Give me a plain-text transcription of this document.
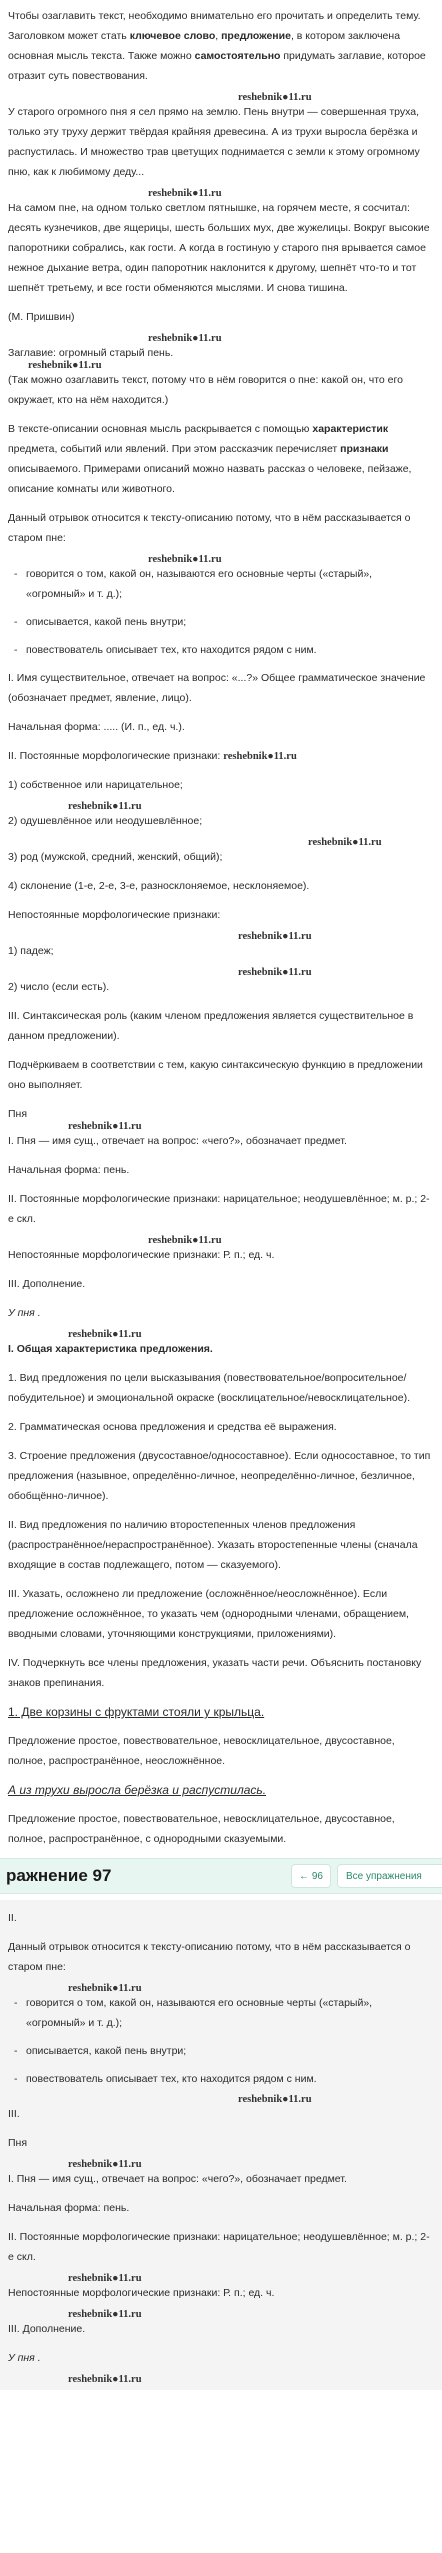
Чтобы озаглавить текст, необходимо внимательно его прочитать и определить тему. Заголовком может стать ключевое слово, предложение, в котором заключена основная мысль текста. Также можно самостоятельно придумать заглавие, которое отразит суть повествования.

reshebnik●11.ru

У старого огромного пня я сел прямо на землю. Пень внутри — совершенная труха, только эту труху держит твёрдая крайняя древесина. А из трухи выросла берёзка и распустилась. И множество трав цветущих поднимается с земли к этому огромному пню, как к любимому деду...

reshebnik●11.ru

На самом пне, на одном только светлом пятнышке, на горячем месте, я сосчитал: десять кузнечиков, две ящерицы, шесть больших мух, две жужелицы. Вокруг высокие папоротники собрались, как гости. А когда в гостиную у старого пня врывается самое нежное дыхание ветра, один папоротник наклонится к другому, шепнёт что-то и тот шепнёт третьему, и все гости обменяются мыслями. И снова тишина.

(М. Пришвин)

reshebnik●11.ru

Заглавие: огромный старый пень.

reshebnik●11.ru

(Так можно озаглавить текст, потому что в нём говорится о пне: какой он, что его окружает, кто на нём находится.)

В тексте-описании основная мысль раскрывается с помощью характеристик предмета, событий или явлений. При этом рассказчик перечисляет признаки описываемого. Примерами описаний можно назвать рассказ о человеке, пейзаже, описание комнаты или животного.

Данный отрывок относится к тексту-описанию потому, что в нём рассказывается о старом пне:

reshebnik●11.ru
- говорится о том, какой он, называются его основные черты («старый», «огромный» и т. д.);
- описывается, какой пень внутри;
- повествователь описывает тех, кто находится рядом с ним.

I. Имя существительное, отвечает на вопрос: «...?» Общее грамматическое значение (обозначает предмет, явление, лицо).

Начальная форма: ..... (И. п., ед. ч.).

II. Постоянные морфологические признаки: reshebnik●11.ru

1) собственное или нарицательное;

reshebnik●11.ru

2) одушевлённое или неодушевлённое;

reshebnik●11.ru

3) род (мужской, средний, женский, общий);

4) склонение (1-е, 2-е, 3-е, разносклоняемое, несклоняемое).

Непостоянные морфологические признаки:

reshebnik●11.ru

1) падеж;

reshebnik●11.ru

2) число (если есть).

III. Синтаксическая роль (каким членом предложения является существительное в данном предложении).

Подчёркиваем в соответствии с тем, какую синтаксическую функцию в предложении оно выполняет.

Пня

reshebnik●11.ru

I. Пня — имя сущ., отвечает на вопрос: «чего?», обозначает предмет.

Начальная форма: пень.

II. Постоянные морфологические признаки: нарицательное; неодушевлённое; м. р.; 2-е скл.

reshebnik●11.ru

Непостоянные морфологические признаки: Р. п.; ед. ч.

III. Дополнение.

У пня .

reshebnik●11.ru

I. Общая характеристика предложения.

1. Вид предложения по цели высказывания (повествовательное/вопросительное/побудительное) и эмоциональной окраске (восклицательное/невосклицательное).

2. Грамматическая основа предложения и средства её выражения.

3. Строение предложения (двусоставное/односоставное). Если односоставное, то тип предложения (назывное, определённо-личное, неопределённо-личное, безличное, обобщённо-личное).

II. Вид предложения по наличию второстепенных членов предложения (распространённое/нераспространённое). Указать второстепенные члены (сначала входящие в состав подлежащего, потом — сказуемого).

III. Указать, осложнено ли предложение (осложнённое/неосложнённое). Если предложение осложнённое, то указать чем (однородными членами, обращением, вводными словами, уточняющими конструкциями, приложениями).

IV. Подчеркнуть все члены предложения, указать части речи. Объяснить постановку знаков препинания.

1. Две корзины с фруктами стояли у крыльца.

Предложение простое, повествовательное, невосклицательное, двусоставное, полное, распространённое, неосложнённое.

А из трухи выросла берёзка и распустилась.

Предложение простое, повествовательное, невосклицательное, двусоставное, полное, распространённое, с однородными сказуемыми.

ражнение 97	← 96	Все упражнения

II.

Данный отрывок относится к тексту-описанию потому, что в нём рассказывается о старом пне:

reshebnik●11.ru
- говорится о том, какой он, называются его основные черты («старый», «огромный» и т. д.);
- описывается, какой пень внутри;
- повествователь описывает тех, кто находится рядом с ним.
reshebnik●11.ru

III.

Пня

reshebnik●11.ru

I. Пня — имя сущ., отвечает на вопрос: «чего?», обозначает предмет.

Начальная форма: пень.

II. Постоянные морфологические признаки: нарицательное; неодушевлённое; м. р.; 2-е скл.

reshebnik●11.ru

Непостоянные морфологические признаки: Р. п.; ед. ч.

reshebnik●11.ru

III. Дополнение.

У пня .

reshebnik●11.ru
